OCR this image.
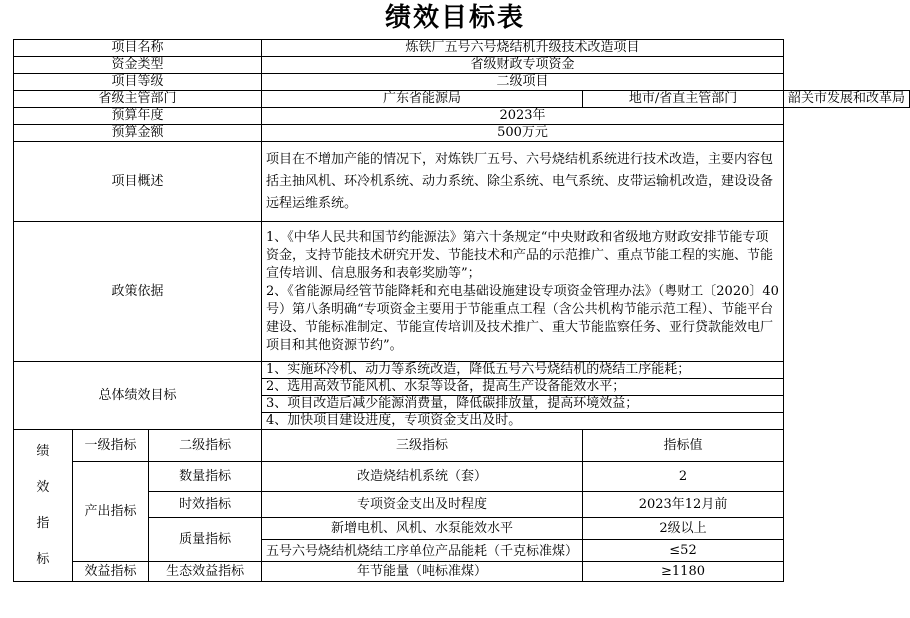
绩效目标表
项目名称			炼铁厂五号六号烧结机升级技术改造项目		
资金类型			省级财政专项资金		
项目等级			二级项目		
省级主管部门			广东省能源局	地市/省直主管部门	韶关市发展和改革局
预算年度			2023年		
预算金额			500万元		
项目概述			项目在不增加产能的情况下，对炼铁厂五号、六号烧结机系统进行技术改造，主要内容包括主抽风机、环冷机系统、动力系统、除尘系统、电气系统、皮带运输机改造，建设设备远程运维系统。		
政策依据			1、《中华人民共和国节约能源法》第六十条规定“中央财政和省级地方财政安排节能专项资金，支持节能技术研究开发、节能技术和产品的示范推广、重点节能工程的实施、节能宣传培训、信息服务和表彰奖励等”；
2、《省能源局经管节能降耗和充电基础设施建设专项资金管理办法》（粤财工〔2020〕40号）第八条明确“专项资金主要用于节能重点工程（含公共机构节能示范工程）、节能平台建设、节能标准制定、节能宣传培训及技术推广、重大节能监察任务、亚行贷款能效电厂项目和其他资源节约”。		

总体绩效目标			1、实施环冷机、动力等系统改造，降低五号六号烧结机的烧结工序能耗；		
			2、选用高效节能风机、水泵等设备，提高生产设备能效水平；		
			3、项目改造后减少能源消费量，降低碳排放量，提高环境效益；		
			4、加快项目建设进度，专项资金支出及时。		

绩
效
指
标	一级指标	二级指标	三级指标	指标值	
	产出指标	数量指标	改造烧结机系统（套）	2	
		时效指标	专项资金支出及时程度	2023年12月前	
		质量指标	新增电机、风机、水泵能效水平	2级以上	

			五号六号烧结机烧结工序单位产品能耗（千克标准煤）	≤52	
	效益指标	生态效益指标	年节能量（吨标准煤）	≥1180	
